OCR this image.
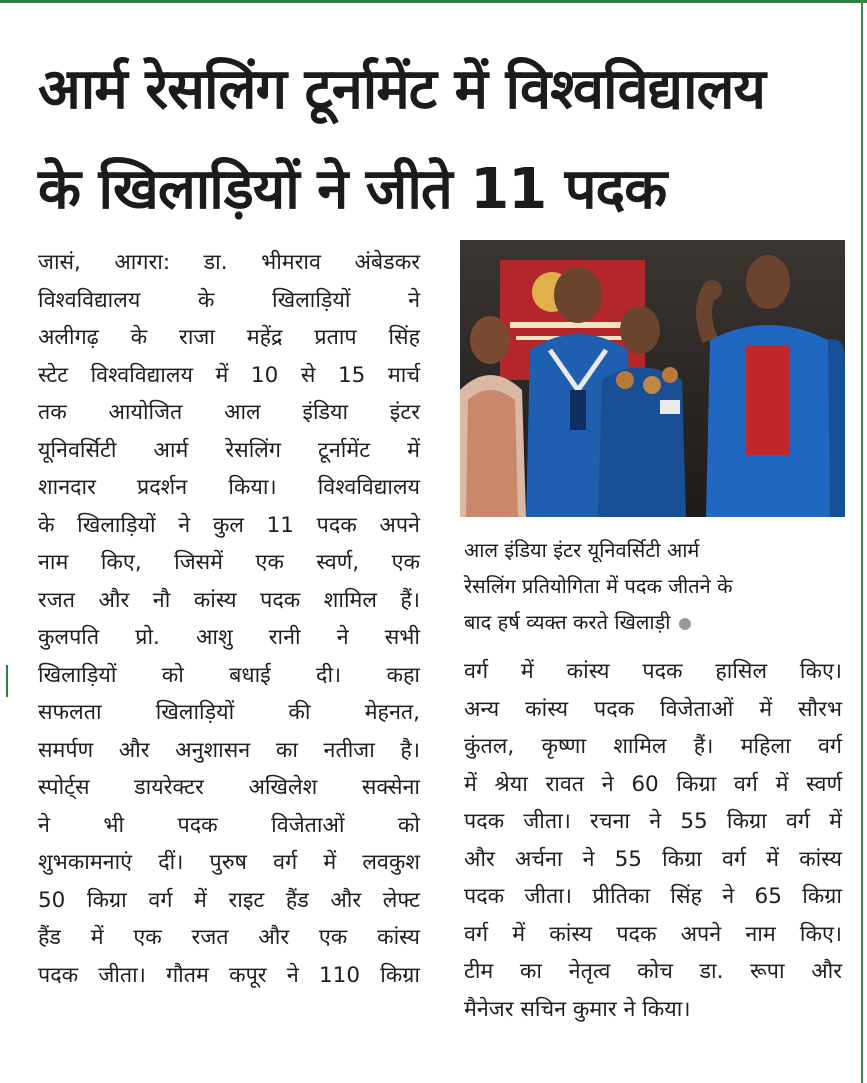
आर्म रेसलिंग टूर्नामेंट में विश्वविद्यालय
के खिलाड़ियों ने जीते 11 पदक
जासं, आगरा: डा. भीमराव अंबेडकर
विश्वविद्यालय के खिलाड़ियों ने
अलीगढ़ के राजा महेंद्र प्रताप सिंह
स्टेट विश्वविद्यालय में 10 से 15 मार्च
तक आयोजित आल इंडिया इंटर
यूनिवर्सिटी आर्म रेसलिंग टूर्नामेंट में
शानदार प्रदर्शन किया। विश्वविद्यालय
के खिलाड़ियों ने कुल 11 पदक अपने
नाम किए, जिसमें एक स्वर्ण, एक
रजत और नौ कांस्य पदक शामिल हैं।
कुलपति प्रो. आशु रानी ने सभी
खिलाड़ियों को बधाई दी। कहा
सफलता खिलाड़ियों की मेहनत,
समर्पण और अनुशासन का नतीजा है।
स्पोर्ट्स डायरेक्टर अखिलेश सक्सेना
ने भी पदक विजेताओं को
शुभकामनाएं दीं। पुरुष वर्ग में लवकुश
50 किग्रा वर्ग में राइट हैंड और लेफ्ट
हैंड में एक रजत और एक कांस्य
पदक जीता। गौतम कपूर ने 110 किग्रा
आल इंडिया इंटर यूनिवर्सिटी आर्म
रेसलिंग प्रतियोगिता में पदक जीतने के
बाद हर्ष व्यक्त करते खिलाड़ी
वर्ग में कांस्य पदक हासिल किए।
अन्य कांस्य पदक विजेताओं में सौरभ
कुंतल, कृष्णा शामिल हैं। महिला वर्ग
में श्रेया रावत ने 60 किग्रा वर्ग में स्वर्ण
पदक जीता। रचना ने 55 किग्रा वर्ग में
और अर्चना ने 55 किग्रा वर्ग में कांस्य
पदक जीता। प्रीतिका सिंह ने 65 किग्रा
वर्ग में कांस्य पदक अपने नाम किए।
टीम का नेतृत्व कोच डा. रूपा और
मैनेजर सचिन कुमार ने किया।
